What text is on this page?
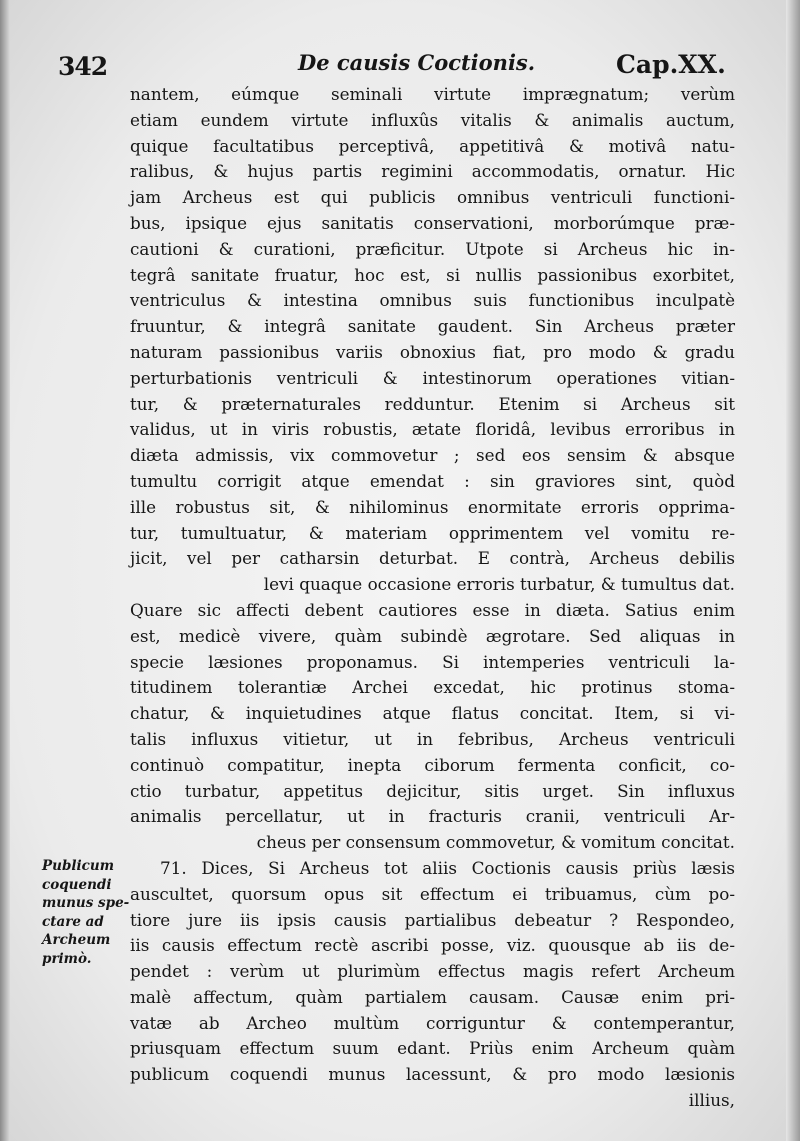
342	De causis Coctionis.	Cap.XX.
Publicum
coquendi
munus spe-
ctare ad
Archeum
primò.
nantem, eúmque seminali virtute imprægnatum; verùm
etiam eundem virtute influxûs vitalis & animalis auctum,
quique facultatibus perceptivâ, appetitivâ & motivâ natu-
ralibus, & hujus partis regimini accommodatis, ornatur. Hic
jam Archeus est qui publicis omnibus ventriculi functioni-
bus, ipsique ejus sanitatis conservationi, morborúmque præ-
cautioni & curationi, præficitur. Utpote si Archeus hic in-
tegrâ sanitate fruatur, hoc est, si nullis passionibus exorbitet,
ventriculus & intestina omnibus suis functionibus inculpatè
fruuntur, & integrâ sanitate gaudent. Sin Archeus præter
naturam passionibus variis obnoxius fiat, pro modo & gradu
perturbationis ventriculi & intestinorum operationes vitian-
tur, & præternaturales redduntur. Etenim si Archeus sit
validus, ut in viris robustis, ætate floridâ, levibus erroribus in
diæta admissis, vix commovetur ; sed eos sensim & absque
tumultu corrigit atque emendat : sin graviores sint, quòd
ille robustus sit, & nihilominus enormitate erroris opprima-
tur, tumultuatur, & materiam opprimentem vel vomitu re-
jicit, vel per catharsin deturbat. E contrà, Archeus debilis
levi quaque occasione erroris turbatur, & tumultus dat.
Quare sic affecti debent cautiores esse in diæta. Satius enim
est, medicè vivere, quàm subindè ægrotare. Sed aliquas in
specie læsiones proponamus. Si intemperies ventriculi la-
titudinem tolerantiæ Archei excedat, hic protinus stoma-
chatur, & inquietudines atque flatus concitat. Item, si vi-
talis influxus vitietur, ut in febribus, Archeus ventriculi
continuò compatitur, inepta ciborum fermenta conficit, co-
ctio turbatur, appetitus dejicitur, sitis urget. Sin influxus
animalis percellatur, ut in fracturis cranii, ventriculi Ar-
cheus per consensum commovetur, & vomitum concitat.
71. Dices, Si Archeus tot aliis Coctionis causis priùs læsis
auscultet, quorsum opus sit effectum ei tribuamus, cùm po-
tiore jure iis ipsis causis partialibus debeatur ? Respondeo,
iis causis effectum rectè ascribi posse, viz. quousque ab iis de-
pendet : verùm ut plurimùm effectus magis refert Archeum
malè affectum, quàm partialem causam. Causæ enim pri-
vatæ ab Archeo multùm corriguntur & contemperantur,
priusquam effectum suum edant. Priùs enim Archeum quàm
publicum coquendi munus lacessunt, & pro modo læsionis
illius,
